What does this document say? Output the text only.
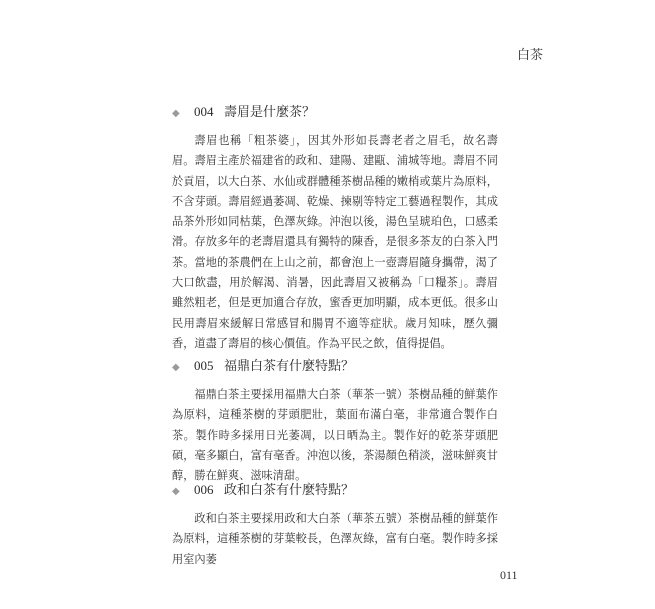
白茶
◆ 004 壽眉是什麼茶？
壽眉也稱「粗茶婆」，因其外形如長壽老者之眉毛，故名壽眉。壽眉主產於福建省的政和、建陽、建甌、浦城等地。壽眉不同於貢眉，以大白茶、水仙或群體種茶樹品種的嫩梢或葉片為原料，不含芽頭。壽眉經過萎凋、乾燥、揀剔等特定工藝過程製作，其成品茶外形如同枯葉，色澤灰綠。沖泡以後，湯色呈琥珀色，口感柔滑。存放多年的老壽眉還具有獨特的陳香，是很多茶友的白茶入門茶。當地的茶農們在上山之前，都會泡上一壺壽眉隨身攜帶，渴了大口飲盡，用於解渴、消暑，因此壽眉又被稱為「口糧茶」。壽眉雖然粗老，但是更加適合存放，蜜香更加明顯，成本更低。很多山民用壽眉來緩解日常感冒和腸胃不適等症狀。歲月知味，歷久彌香，道盡了壽眉的核心價值。作為平民之飲，值得提倡。
◆ 005 福鼎白茶有什麼特點？
福鼎白茶主要採用福鼎大白茶（華茶一號）茶樹品種的鮮葉作為原料，這種茶樹的芽頭肥壯，葉面布滿白毫，非常適合製作白茶。製作時多採用日光萎凋，以日晒為主。製作好的乾茶芽頭肥碩，毫多顯白，富有毫香。沖泡以後，茶湯顏色稍淡，滋味鮮爽甘醇，勝在鮮爽、滋味清甜。
◆ 006 政和白茶有什麼特點？
政和白茶主要採用政和大白茶（華茶五號）茶樹品種的鮮葉作為原料，這種茶樹的芽葉較長，色澤灰綠，富有白毫。製作時多採用室內萎
011
